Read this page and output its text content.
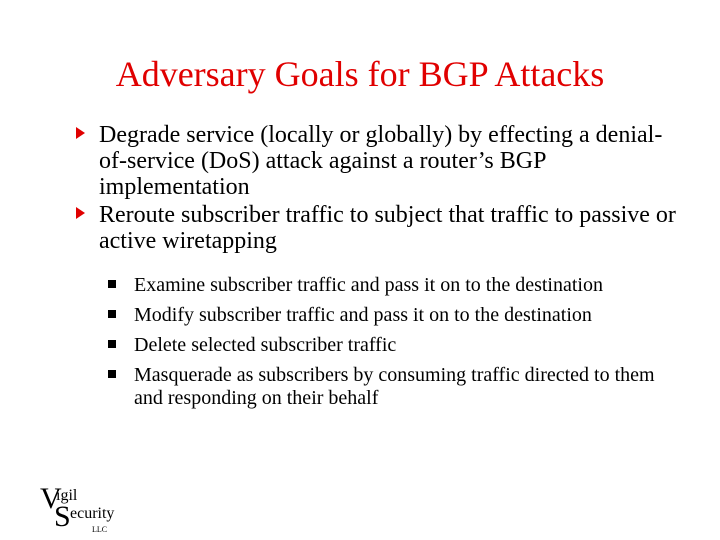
Adversary Goals for BGP Attacks
Degrade service (locally or globally) by effecting a denial-of-service (DoS) attack against a router’s BGP implementation
Reroute subscriber traffic to subject that traffic to passive or active wiretapping
Examine subscriber traffic and pass it on to the destination
Modify subscriber traffic and pass it on to the destination
Delete selected subscriber traffic
Masquerade as subscribers by consuming traffic directed to them and responding on their behalf
V
igil
S ecurity
LLC
